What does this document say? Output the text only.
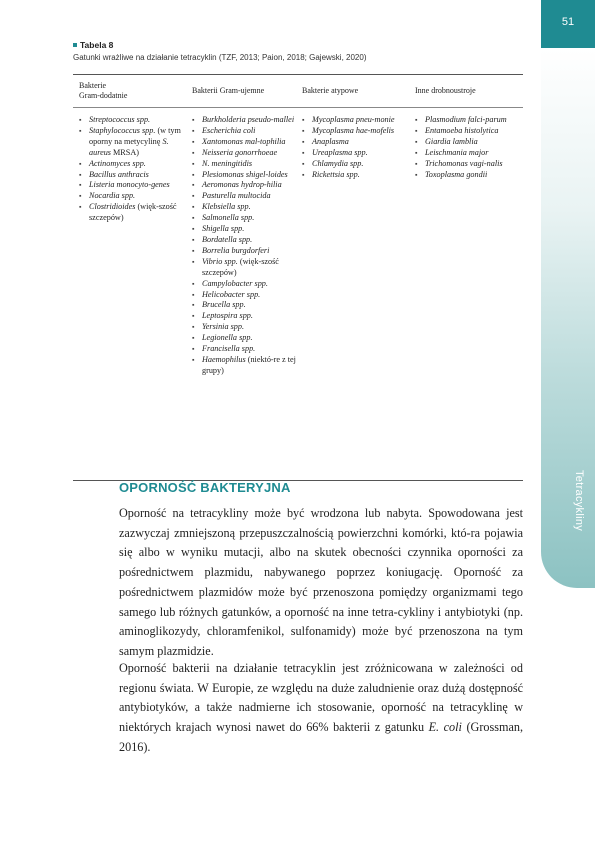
51
Tetracykliny
Tabela 8
Gatunki wrażliwe na działanie tetracyklin (TZF, 2013; Paion, 2018; Gajewski, 2020)
Bakterie
Gram-dodatnie
Bakterii Gram-ujemne	Bakterie atypowe	Inne drobnoustroje
▪ Streptococcus spp.
▪ Staphylococcus spp. (w tym oporny na metycylinę S. aureus MRSA)
▪ Actinomyces spp.
▪ Bacillus anthracis
▪ Listeria monocyto-genes
▪ Nocardia spp.
▪ Clostridioides (więk-szość szczepów)
▪ Burkholderia pseudo-mallei
▪ Escherichia coli
▪ Xantomonas mal-tophilia
▪ Neisseria gonorrhoeae
▪ N. meningitidis
▪ Plesiomonas shigel-loides
▪ Aeromonas hydrop-hilia
▪ Pasturella multocida
▪ Klebsiella spp.
▪ Salmonella spp.
▪ Shigella spp.
▪ Bordatella spp.
▪ Borrelia burgdorferi
▪ Vibrio spp. (więk-szość szczepów)
▪ Campylobacter spp.
▪ Helicobacter spp.
▪ Brucella spp.
▪ Leptospira spp.
▪ Yersinia spp.
▪ Legionella spp.
▪ Francisella spp.
▪ Haemophilus (niektó-re z tej grupy)
▪ Mycoplasma pneu-monie
▪ Mycoplasma hae-mofelis
▪ Anaplasma
▪ Ureaplasma spp.
▪ Chlamydia spp.
▪ Rickettsia spp.
▪ Plasmodium falci-parum
▪ Entamoeba histolytica
▪ Giardia lamblia
▪ Leischmania major
▪ Trichomonas vagi-nalis
▪ Toxoplasma gondii
OPORNOŚĆ BAKTERYJNA

Oporność na tetracykliny może być wrodzona lub nabyta. Spowodowana jest zazwyczaj zmniejszoną przepuszczalnością powierzchni komórki, któ-ra pojawia się albo w wyniku mutacji, albo na skutek obecności czynnika oporności za pośrednictwem plazmidu, nabywanego poprzez koniugację. Oporność za pośrednictwem plazmidów może być przenoszona pomiędzy organizmami tego samego lub różnych gatunków, a oporność na inne tetra-cykliny i antybiotyki (np. aminoglikozydy, chloramfenikol, sulfonamidy) może być przenoszona na tym samym plazmidzie.

Oporność bakterii na działanie tetracyklin jest zróżnicowana w zależności od regionu świata. W Europie, ze względu na duże zaludnienie oraz dużą dostępność antybiotyków, a także nadmierne ich stosowanie, oporność na tetracyklinę w niektórych krajach wynosi nawet do 66% bakterii z gatunku E. coli (Grossman, 2016).
